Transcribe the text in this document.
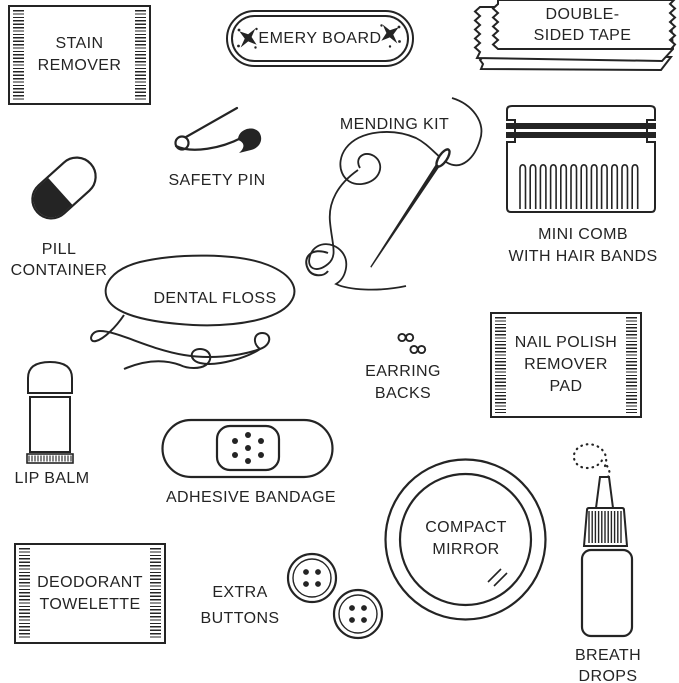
STAIN
REMOVER
EMERY BOARD
DOUBLE-
SIDED TAPE
SAFETY PIN
MENDING KIT
MINI COMB
WITH HAIR BANDS
PILL
CONTAINER
DENTAL FLOSS
EARRING
BACKS
NAIL POLISH
REMOVER
PAD
LIP BALM
ADHESIVE BANDAGE
COMPACT
MIRROR
DEODORANT
TOWELETTE
EXTRA
BUTTONS
BREATH
DROPS
